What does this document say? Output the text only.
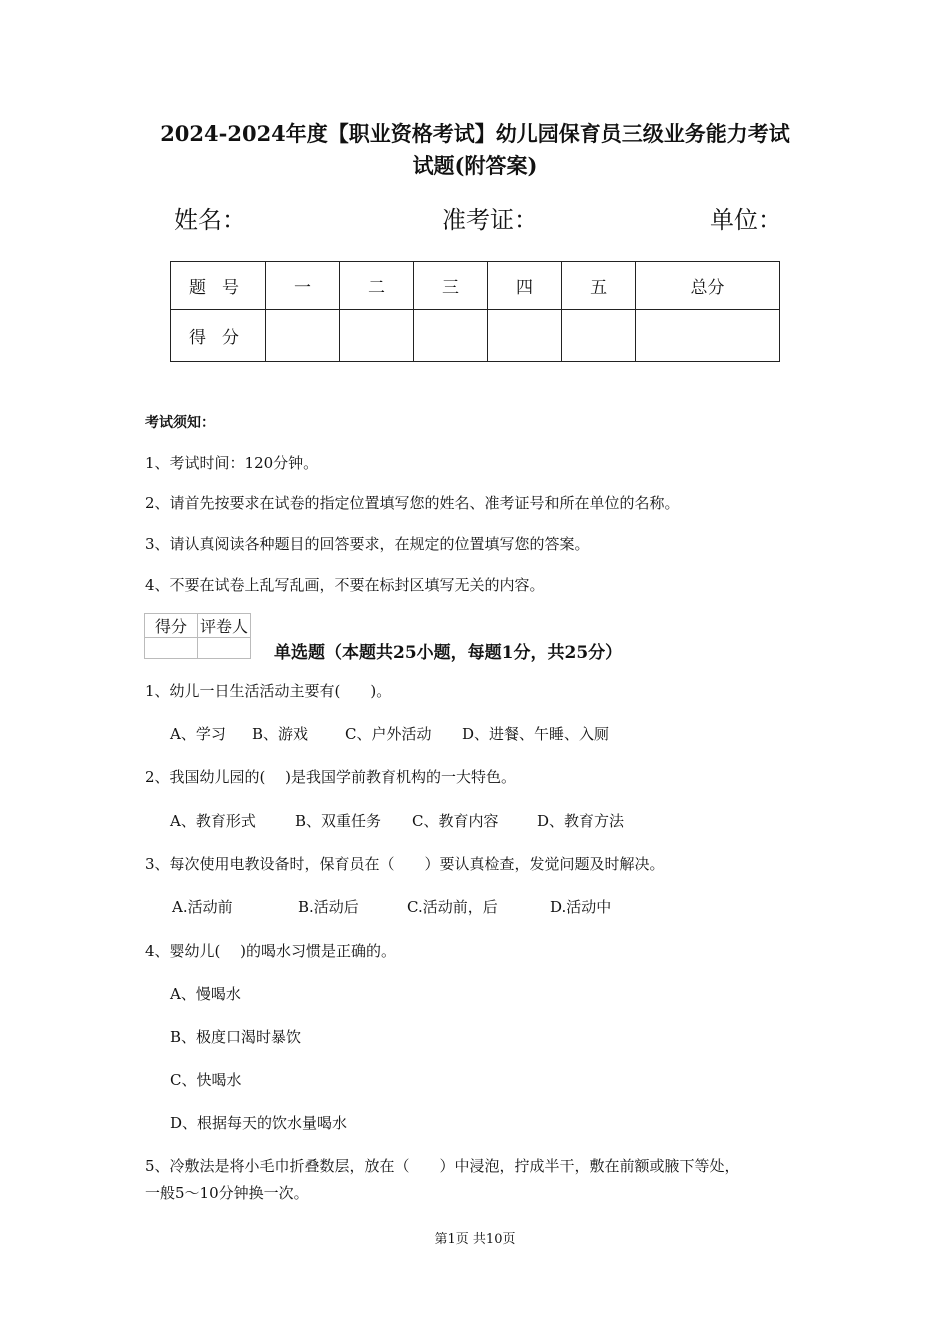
2024-2024年度【职业资格考试】幼儿园保育员三级业务能力考试
试题(附答案)
姓名：	准考证：	单位：
题号	一	二	三	四	五	总分
得分						
考试须知：
1、考试时间：120分钟。
2、请首先按要求在试卷的指定位置填写您的姓名、准考证号和所在单位的名称。
3、请认真阅读各种题目的回答要求，在规定的位置填写您的答案。
4、不要在试卷上乱写乱画，不要在标封区填写无关的内容。
得分	评卷人

单选题（本题共25小题，每题1分，共25分）
1、幼儿一日生活活动主要有(　　)。
A、学习 B、游戏 C、户外活动 D、进餐、午睡、入厕
2、我国幼儿园的(　 )是我国学前教育机构的一大特色。
A、教育形式	B、双重任务 C、教育内容	D、教育方法
3、每次使用电教设备时，保育员在（　　）要认真检查，发觉问题及时解决。
A.活动前	B.活动后	C.活动前，后	D.活动中
4、婴幼儿(　 )的喝水习惯是正确的。
A、慢喝水
B、极度口渴时暴饮
C、快喝水
D、根据每天的饮水量喝水
5、冷敷法是将小毛巾折叠数层，放在（　　）中浸泡，拧成半干，敷在前额或腋下等处，
一般5～10分钟换一次。
第1页 共10页
